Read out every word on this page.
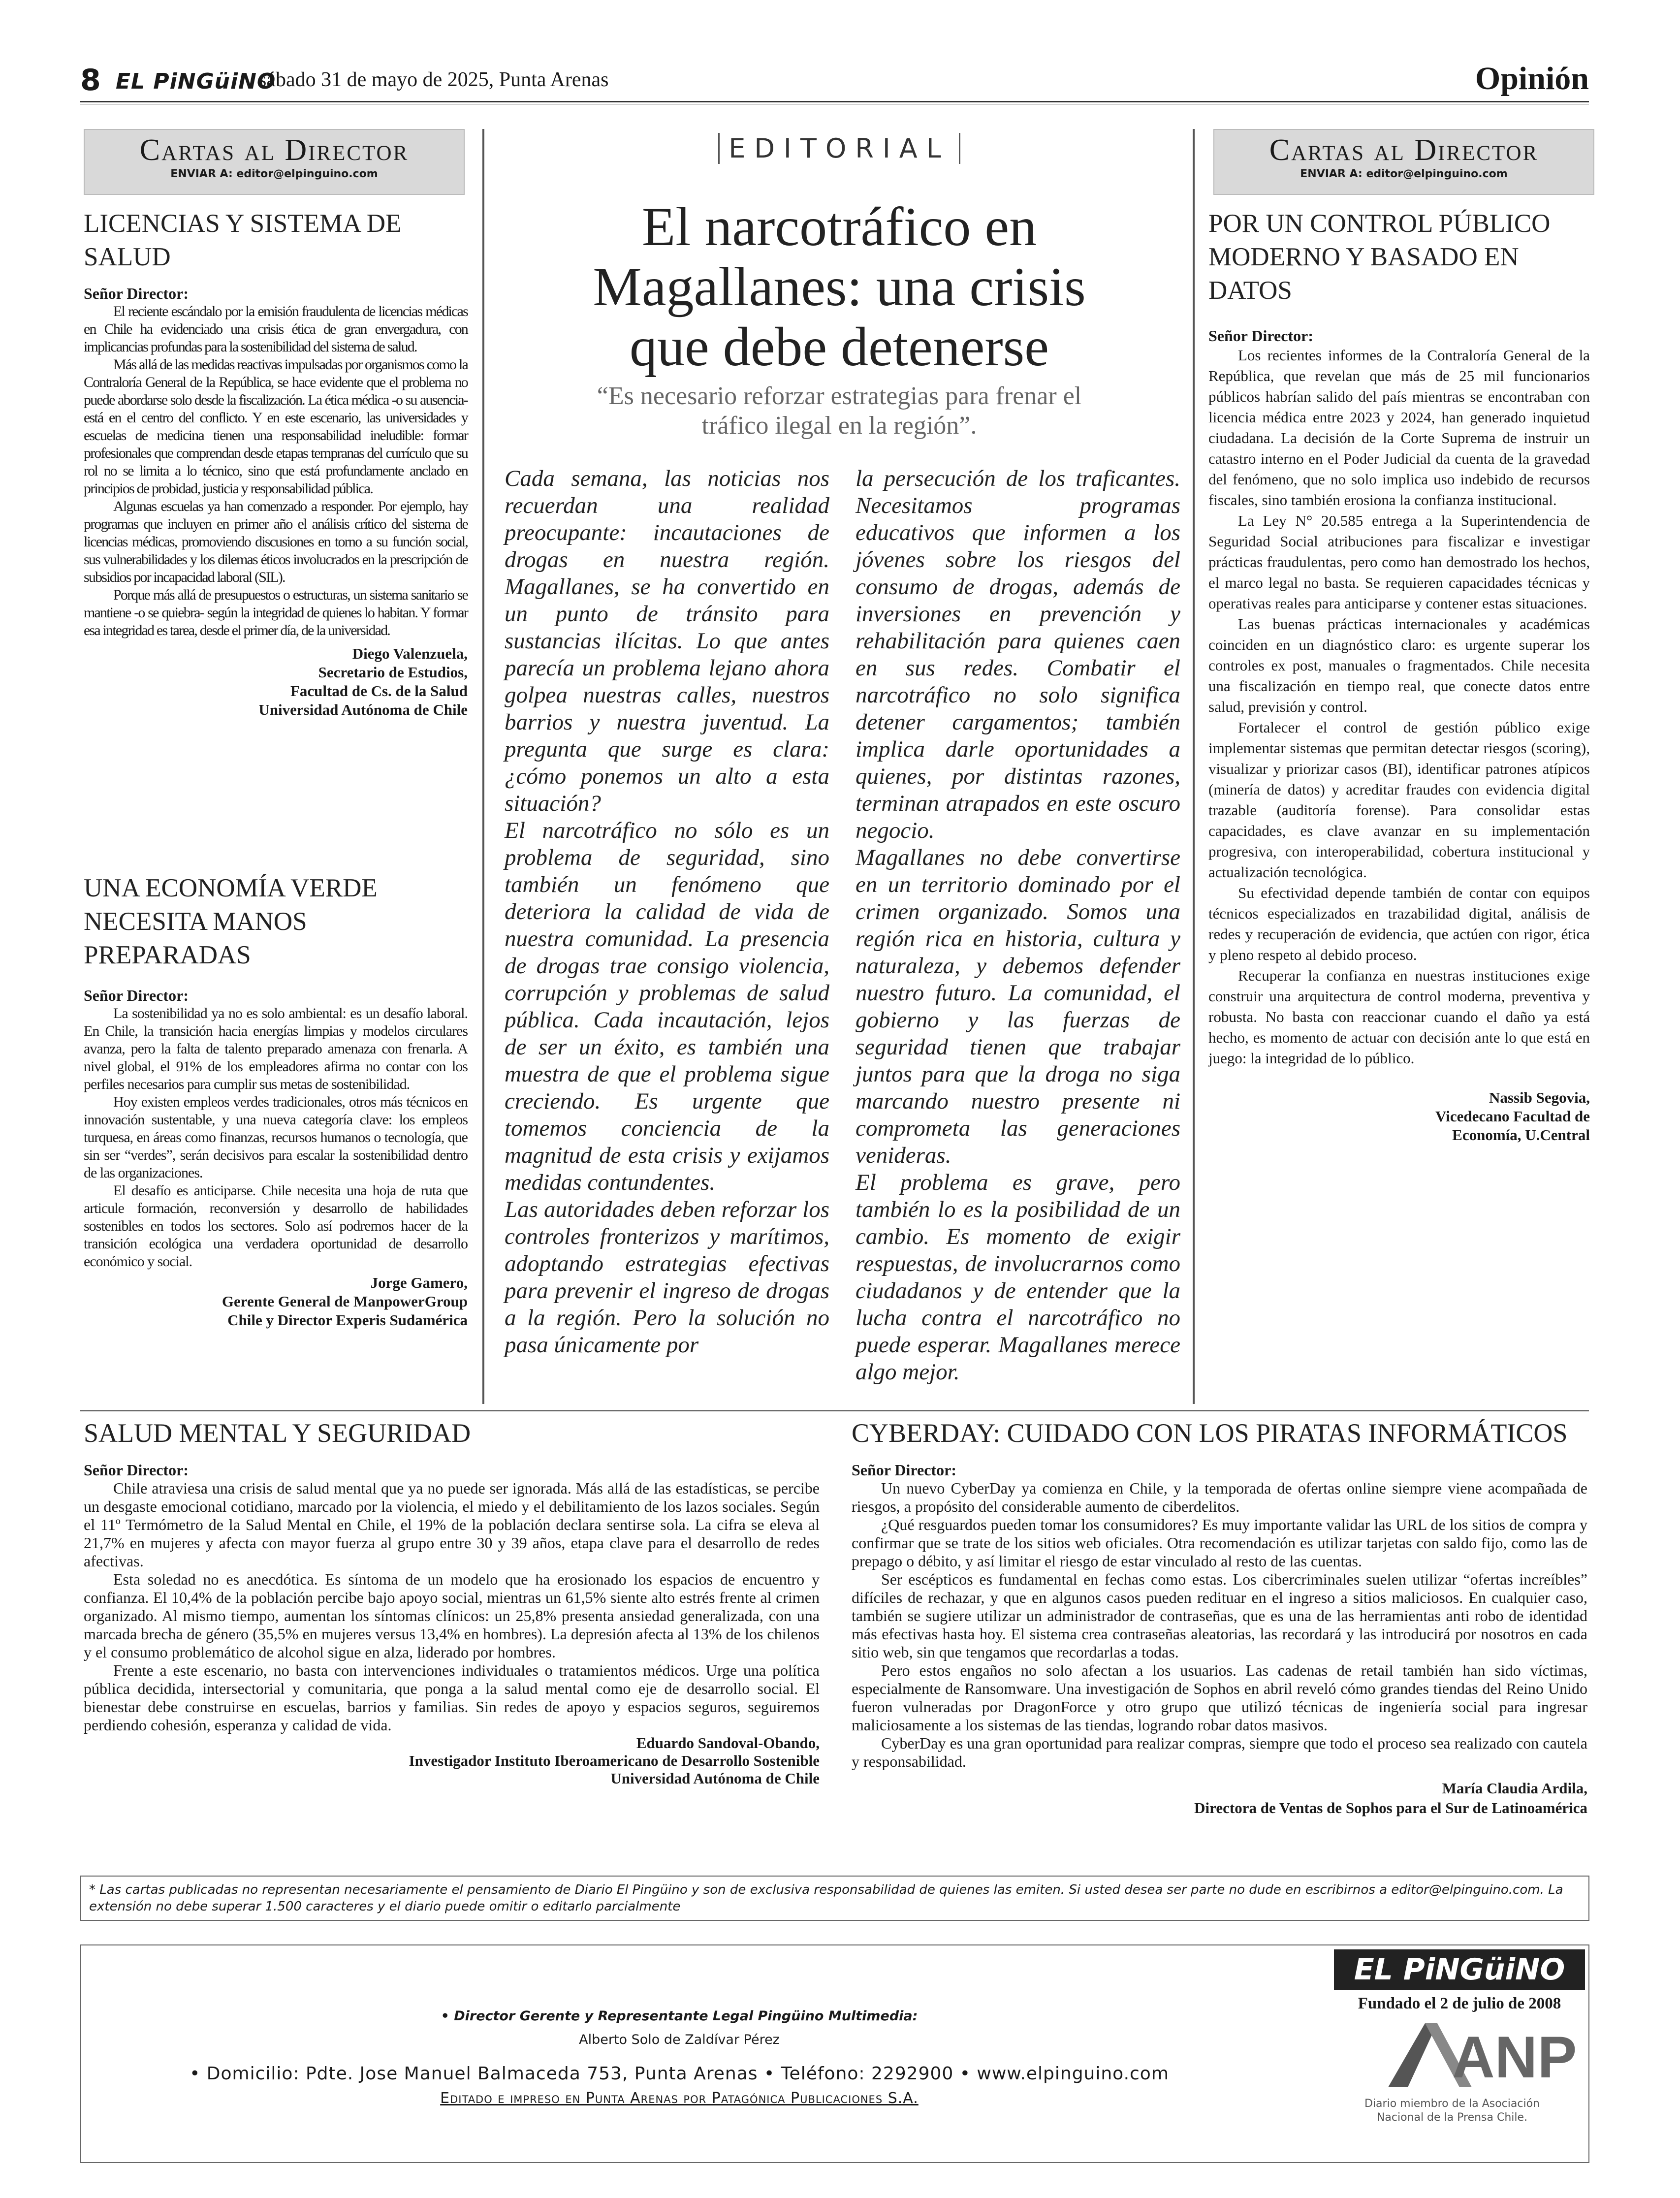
8 EL PiNGüiNO
sábado 31 de mayo de 2025, Punta Arenas	Opinión
Cartas al Director
ENVIAR A: editor@elpinguino.com
LICENCIAS Y SISTEMA DE SALUD
Señor Director:

El reciente escándalo por la emisión fraudulenta de licencias médicas en Chile ha evidenciado una crisis ética de gran envergadura, con implicancias profundas para la sostenibilidad del sistema de salud.

Más allá de las medidas reactivas impulsadas por organismos como la Contraloría General de la República, se hace evidente que el problema no puede abordarse solo desde la fiscalización. La ética médica -o su ausencia- está en el centro del conflicto. Y en este escenario, las universidades y escuelas de medicina tienen una responsabilidad ineludible: formar profesionales que comprendan desde etapas tempranas del currículo que su rol no se limita a lo técnico, sino que está profundamente anclado en principios de probidad, justicia y responsabilidad pública.

Algunas escuelas ya han comenzado a responder. Por ejemplo, hay programas que incluyen en primer año el análisis crítico del sistema de licencias médicas, promoviendo discusiones en torno a su función social, sus vulnerabilidades y los dilemas éticos involucrados en la prescripción de subsidios por incapacidad laboral (SIL).

Porque más allá de presupuestos o estructuras, un sistema sanitario se mantiene -o se quiebra- según la integridad de quienes lo habitan. Y formar esa integridad es tarea, desde el primer día, de la universidad.

Diego Valenzuela,
Secretario de Estudios,
Facultad de Cs. de la Salud
Universidad Autónoma de Chile
UNA ECONOMÍA VERDE NECESITA MANOS PREPARADAS
Señor Director:

La sostenibilidad ya no es solo ambiental: es un desafío laboral. En Chile, la transición hacia energías limpias y modelos circulares avanza, pero la falta de talento preparado amenaza con frenarla. A nivel global, el 91% de los empleadores afirma no contar con los perfiles necesarios para cumplir sus metas de sostenibilidad.

Hoy existen empleos verdes tradicionales, otros más técnicos en innovación sustentable, y una nueva categoría clave: los empleos turquesa, en áreas como finanzas, recursos humanos o tecnología, que sin ser “verdes”, serán decisivos para escalar la sostenibilidad dentro de las organizaciones.

El desafío es anticiparse. Chile necesita una hoja de ruta que articule formación, reconversión y desarrollo de habilidades sostenibles en todos los sectores. Solo así podremos hacer de la transición ecológica una verdadera oportunidad de desarrollo económico y social.

Jorge Gamero,
Gerente General de ManpowerGroup
Chile y Director Experis Sudamérica
EDITORIAL
El narcotráfico en
Magallanes: una crisis
que debe detenerse
“Es necesario reforzar estrategias para frenar el
tráfico ilegal en la región”.
Cada semana, las noticias nos recuerdan una realidad preocupante: incautaciones de drogas en nuestra región. Magallanes, se ha convertido en un punto de tránsito para sustancias ilícitas. Lo que antes parecía un problema lejano ahora golpea nuestras calles, nuestros barrios y nuestra juventud. La pregunta que surge es clara: ¿cómo ponemos un alto a esta situación?
El narcotráfico no sólo es un problema de seguridad, sino también un fenómeno que deteriora la calidad de vida de nuestra comunidad. La presencia de drogas trae consigo violencia, corrupción y problemas de salud pública. Cada incautación, lejos de ser un éxito, es también una muestra de que el problema sigue creciendo. Es urgente que tomemos conciencia de la magnitud de esta crisis y exijamos medidas contundentes.
Las autoridades deben reforzar los controles fronterizos y marítimos, adoptando estrategias efectivas para prevenir el ingreso de drogas a la región. Pero la solución no pasa únicamente por
la persecución de los traficantes. Necesitamos programas educativos que informen a los jóvenes sobre los riesgos del consumo de drogas, además de inversiones en prevención y rehabilitación para quienes caen en sus redes. Combatir el narcotráfico no solo significa detener cargamentos; también implica darle oportunidades a quienes, por distintas razones, terminan atrapados en este oscuro negocio.
Magallanes no debe convertirse en un territorio dominado por el crimen organizado. Somos una región rica en historia, cultura y naturaleza, y debemos defender nuestro futuro. La comunidad, el gobierno y las fuerzas de seguridad tienen que trabajar juntos para que la droga no siga marcando nuestro presente ni comprometa las generaciones venideras.
El problema es grave, pero también lo es la posibilidad de un cambio. Es momento de exigir respuestas, de involucrarnos como ciudadanos y de entender que la lucha contra el narcotráfico no puede esperar. Magallanes merece algo mejor.
Cartas al Director
ENVIAR A: editor@elpinguino.com
POR UN CONTROL PÚBLICO MODERNO Y BASADO EN DATOS
Señor Director:

Los recientes informes de la Contraloría General de la República, que revelan que más de 25 mil funcionarios públicos habrían salido del país mientras se encontraban con licencia médica entre 2023 y 2024, han generado inquietud ciudadana. La decisión de la Corte Suprema de instruir un catastro interno en el Poder Judicial da cuenta de la gravedad del fenómeno, que no solo implica uso indebido de recursos fiscales, sino también erosiona la confianza institucional.

La Ley N° 20.585 entrega a la Superintendencia de Seguridad Social atribuciones para fiscalizar e investigar prácticas fraudulentas, pero como han demostrado los hechos, el marco legal no basta. Se requieren capacidades técnicas y operativas reales para anticiparse y contener estas situaciones.

Las buenas prácticas internacionales y académicas coinciden en un diagnóstico claro: es urgente superar los controles ex post, manuales o fragmentados. Chile necesita una fiscalización en tiempo real, que conecte datos entre salud, previsión y control.

Fortalecer el control de gestión público exige implementar sistemas que permitan detectar riesgos (scoring), visualizar y priorizar casos (BI), identificar patrones atípicos (minería de datos) y acreditar fraudes con evidencia digital trazable (auditoría forense). Para consolidar estas capacidades, es clave avanzar en su implementación progresiva, con interoperabilidad, cobertura institucional y actualización tecnológica.

Su efectividad depende también de contar con equipos técnicos especializados en trazabilidad digital, análisis de redes y recuperación de evidencia, que actúen con rigor, ética y pleno respeto al debido proceso.

Recuperar la confianza en nuestras instituciones exige construir una arquitectura de control moderna, preventiva y robusta. No basta con reaccionar cuando el daño ya está hecho, es momento de actuar con decisión ante lo que está en juego: la integridad de lo público.

Nassib Segovia,
Vicedecano Facultad de
Economía, U.Central
SALUD MENTAL Y SEGURIDAD
Señor Director:

Chile atraviesa una crisis de salud mental que ya no puede ser ignorada. Más allá de las estadísticas, se percibe un desgaste emocional cotidiano, marcado por la violencia, el miedo y el debilitamiento de los lazos sociales. Según el 11º Termómetro de la Salud Mental en Chile, el 19% de la población declara sentirse sola. La cifra se eleva al 21,7% en mujeres y afecta con mayor fuerza al grupo entre 30 y 39 años, etapa clave para el desarrollo de redes afectivas.

Esta soledad no es anecdótica. Es síntoma de un modelo que ha erosionado los espacios de encuentro y confianza. El 10,4% de la población percibe bajo apoyo social, mientras un 61,5% siente alto estrés frente al crimen organizado. Al mismo tiempo, aumentan los síntomas clínicos: un 25,8% presenta ansiedad generalizada, con una marcada brecha de género (35,5% en mujeres versus 13,4% en hombres). La depresión afecta al 13% de los chilenos y el consumo problemático de alcohol sigue en alza, liderado por hombres.

Frente a este escenario, no basta con intervenciones individuales o tratamientos médicos. Urge una política pública decidida, intersectorial y comunitaria, que ponga a la salud mental como eje de desarrollo social. El bienestar debe construirse en escuelas, barrios y familias. Sin redes de apoyo y espacios seguros, seguiremos perdiendo cohesión, esperanza y calidad de vida.

Eduardo Sandoval-Obando,
Investigador Instituto Iberoamericano de Desarrollo Sostenible
Universidad Autónoma de Chile
CYBERDAY: CUIDADO CON LOS PIRATAS INFORMÁTICOS
Señor Director:

Un nuevo CyberDay ya comienza en Chile, y la temporada de ofertas online siempre viene acompañada de riesgos, a propósito del considerable aumento de ciberdelitos.

¿Qué resguardos pueden tomar los consumidores? Es muy importante validar las URL de los sitios de compra y confirmar que se trate de los sitios web oficiales. Otra recomendación es utilizar tarjetas con saldo fijo, como las de prepago o débito, y así limitar el riesgo de estar vinculado al resto de las cuentas.

Ser escépticos es fundamental en fechas como estas. Los cibercriminales suelen utilizar “ofertas increíbles” difíciles de rechazar, y que en algunos casos pueden redituar en el ingreso a sitios maliciosos. En cualquier caso, también se sugiere utilizar un administrador de contraseñas, que es una de las herramientas anti robo de identidad más efectivas hasta hoy. El sistema crea contraseñas aleatorias, las recordará y las introducirá por nosotros en cada sitio web, sin que tengamos que recordarlas a todas.

Pero estos engaños no solo afectan a los usuarios. Las cadenas de retail también han sido víctimas, especialmente de Ransomware. Una investigación de Sophos en abril reveló cómo grandes tiendas del Reino Unido fueron vulneradas por DragonForce y otro grupo que utilizó técnicas de ingeniería social para ingresar maliciosamente a los sistemas de las tiendas, logrando robar datos masivos.

CyberDay es una gran oportunidad para realizar compras, siempre que todo el proceso sea realizado con cautela y responsabilidad.

María Claudia Ardila,
Directora de Ventas de Sophos para el Sur de Latinoamérica
* Las cartas publicadas no representan necesariamente el pensamiento de Diario El Pingüino y son de exclusiva responsabilidad de quienes las emiten. Si usted desea ser parte no dude en escribirnos a editor@elpinguino.com. La extensión no debe superar 1.500 caracteres y el diario puede omitir o editarlo parcialmente
• Director Gerente y Representante Legal Pingüino Multimedia:
Alberto Solo de Zaldívar Pérez
• Domicilio: Pdte. Jose Manuel Balmaceda 753, Punta Arenas • Teléfono: 2292900 • www.elpinguino.com
Editado e impreso en Punta Arenas por Patagónica Publicaciones S.A.
EL PiNGüiNO
Fundado el 2 de julio de 2008
ANP
Diario miembro de la Asociación
Nacional de la Prensa Chile.
